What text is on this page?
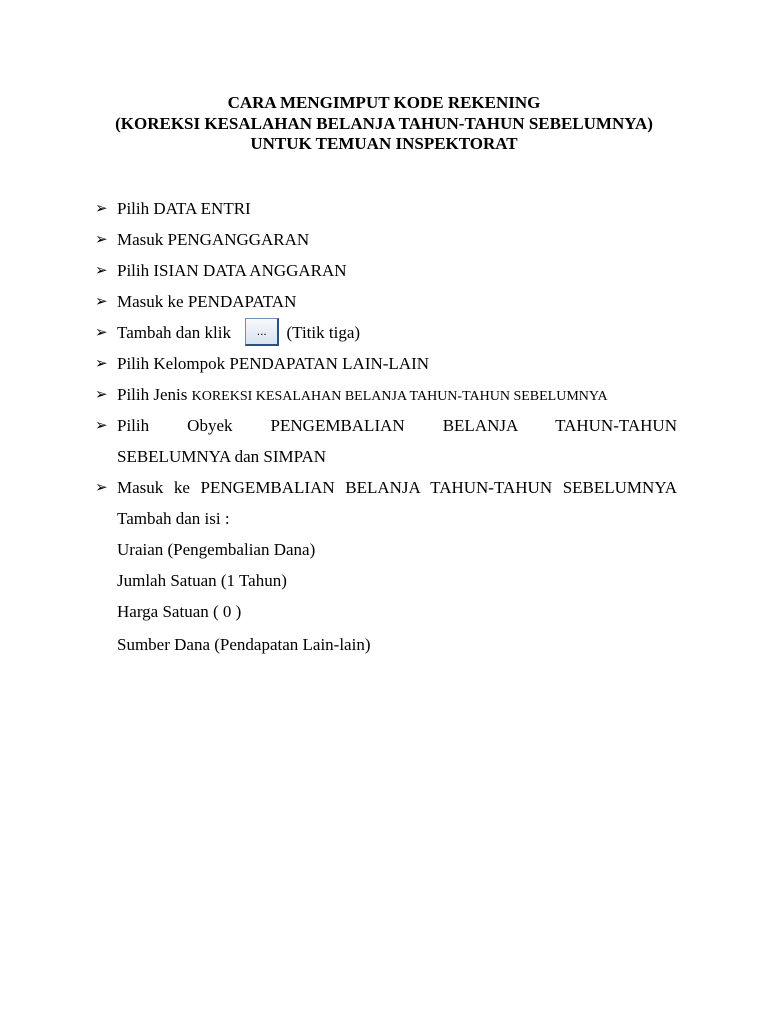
CARA MENGIMPUT KODE REKENING
(KOREKSI KESALAHAN BELANJA TAHUN-TAHUN SEBELUMNYA)
UNTUK TEMUAN INSPEKTORAT
➢ Pilih DATA ENTRI
➢ Masuk PENGANGGARAN
➢ Pilih ISIAN DATA ANGGARAN
➢ Masuk ke PENDAPATAN
➢ Tambah dan klik ... (Titik tiga)
➢ Pilih Kelompok PENDAPATAN LAIN-LAIN
➢ Pilih Jenis KOREKSI KESALAHAN BELANJA TAHUN-TAHUN SEBELUMNYA
➢ Pilih Obyek PENGEMBALIAN BELANJA TAHUN-TAHUN
SEBELUMNYA dan SIMPAN
➢ Masuk ke PENGEMBALIAN BELANJA TAHUN-TAHUN SEBELUMNYA
Tambah dan isi :
Uraian (Pengembalian Dana)
Jumlah Satuan (1 Tahun)
Harga Satuan ( 0 )
Sumber Dana (Pendapatan Lain-lain)
